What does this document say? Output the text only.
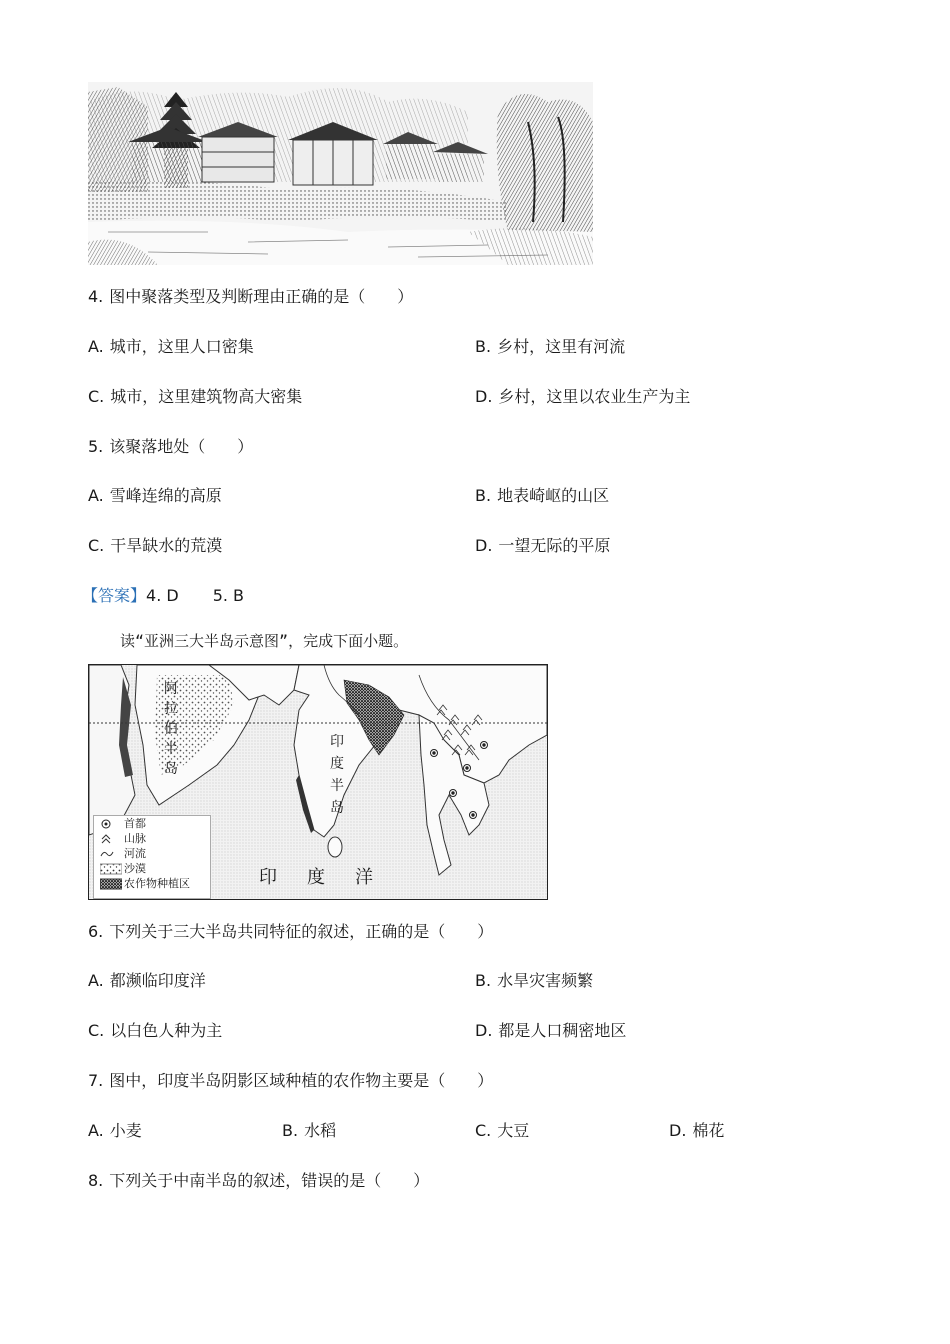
4. 图中聚落类型及判断理由正确的是（　　）
A. 城市，这里人口密集	B. 乡村，这里有河流
C. 城市，这里建筑物高大密集	D. 乡村，这里以农业生产为主
5. 该聚落地处（　　）
A. 雪峰连绵的高原	B. 地表崎岖的山区
C. 干旱缺水的荒漠	D. 一望无际的平原
【答案】4. D 5. B
读“亚洲三大半岛示意图”，完成下面小题。
阿
拉
伯
半
岛
印
度
半
岛
印　度　洋
首都
山脉
河流
沙漠
农作物种植区
6. 下列关于三大半岛共同特征的叙述，正确的是（　　）
A. 都濒临印度洋	B. 水旱灾害频繁
C. 以白色人种为主	D. 都是人口稠密地区
7. 图中，印度半岛阴影区域种植的农作物主要是（　　）
A. 小麦	B. 水稻	C. 大豆	D. 棉花
8. 下列关于中南半岛的叙述，错误的是（　　）
